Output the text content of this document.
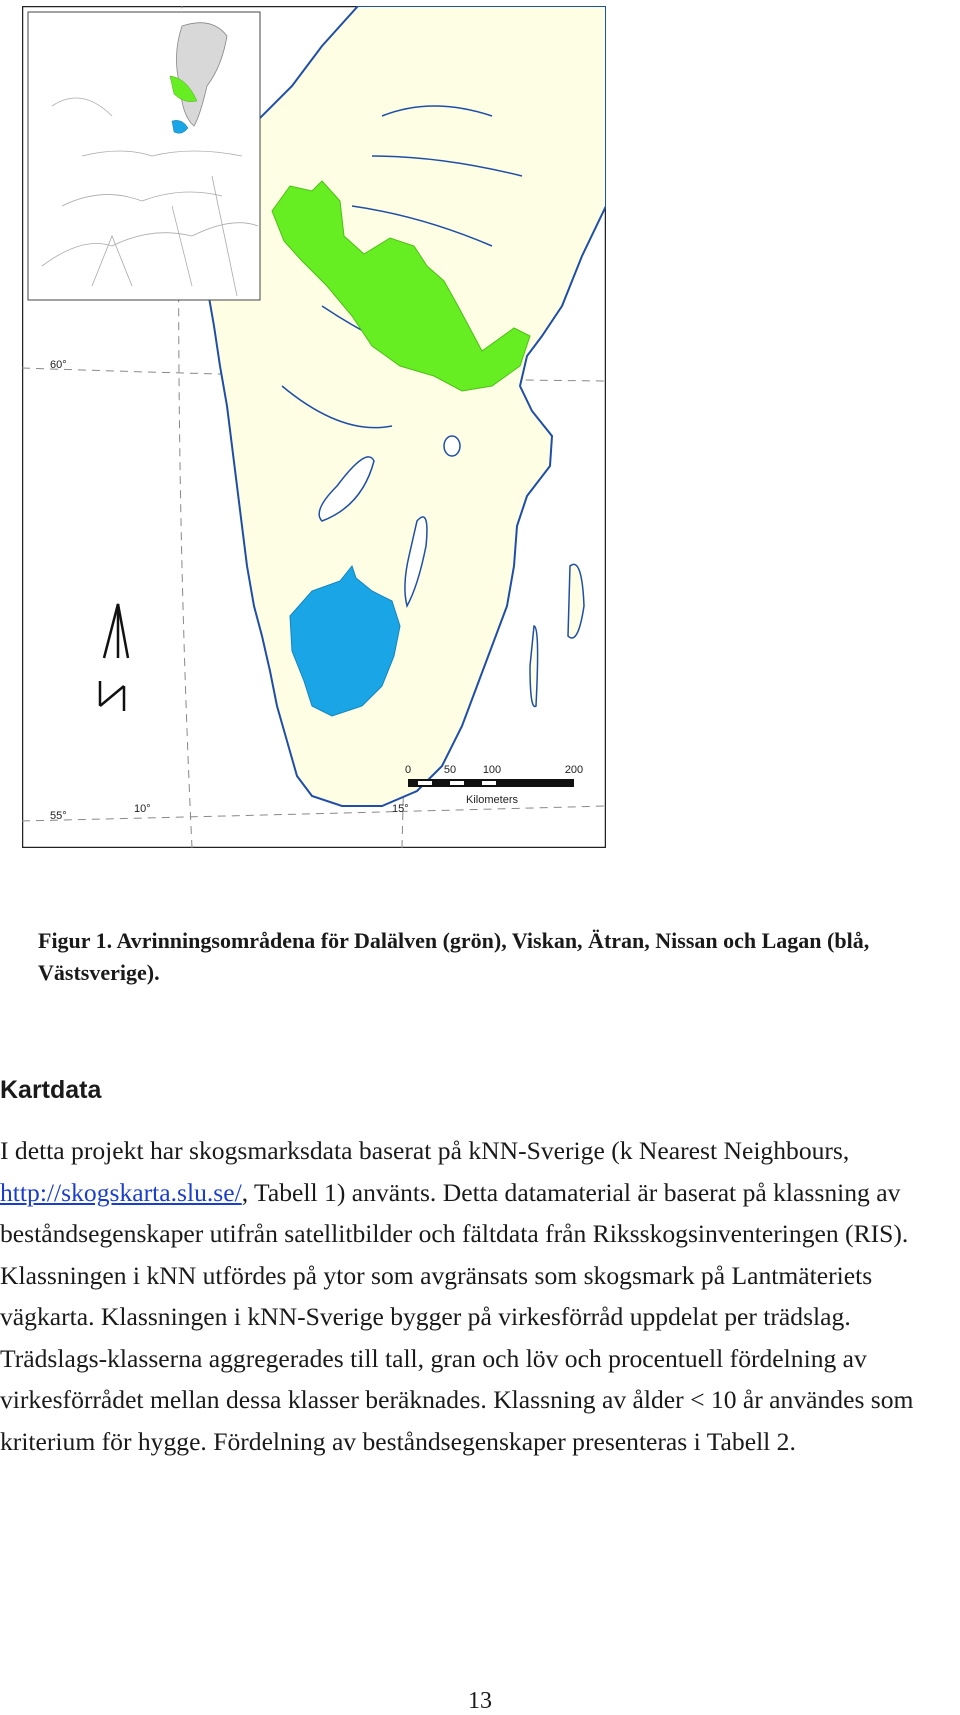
60°
55°
10°	15°
0	50 100	200
Kilometers
Figur 1. Avrinningsområdena för Dalälven (grön), Viskan, Ätran, Nissan och Lagan (blå, Västsverige).
Kartdata
I detta projekt har skogsmarksdata baserat på kNN-Sverige (k Nearest Neighbours, http://skogskarta.slu.se/, Tabell 1) använts. Detta datamaterial är baserat på klassning av beståndsegenskaper utifrån satellitbilder och fältdata från Riksskogsinventeringen (RIS). Klassningen i kNN utfördes på ytor som avgränsats som skogsmark på Lantmäteriets vägkarta. Klassningen i kNN-Sverige bygger på virkesförråd uppdelat per trädslag. Trädslags-klasserna aggregerades till tall, gran och löv och procentuell fördelning av virkesförrådet mellan dessa klasser beräknades. Klassning av ålder < 10 år användes som kriterium för hygge. Fördelning av beståndsegenskaper presenteras i Tabell 2.
13
